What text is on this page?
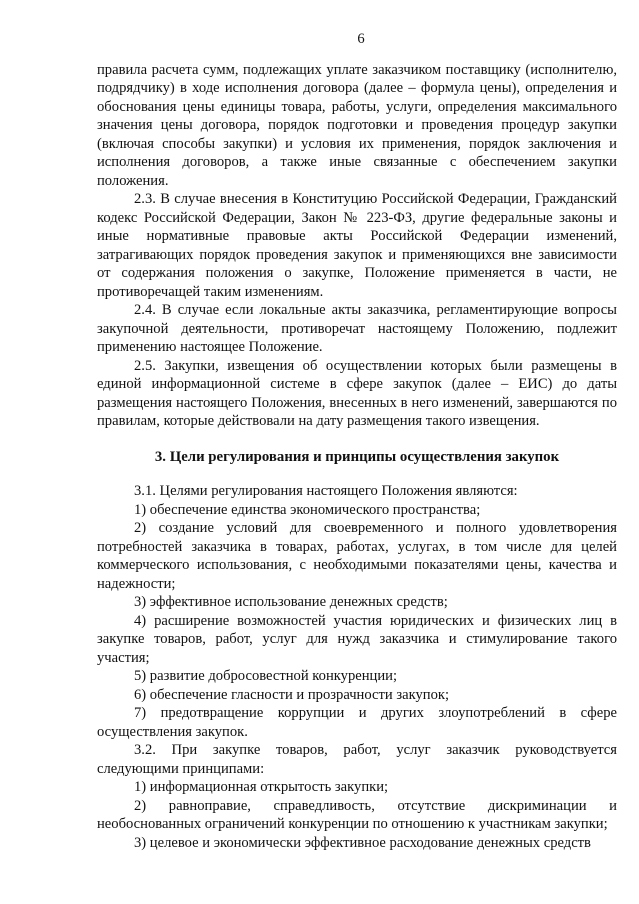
6

правила расчета сумм, подлежащих уплате заказчиком поставщику (исполнителю, подрядчику) в ходе исполнения договора (далее – формула цены), определения и обоснования цены единицы товара, работы, услуги, определения максимального значения цены договора, порядок подготовки и проведения процедур закупки (включая способы закупки) и условия их применения, порядок заключения и исполнения договоров, а также иные связанные с обеспечением закупки положения.

2.3. В случае внесения в Конституцию Российской Федерации, Гражданский кодекс Российской Федерации, Закон № 223-ФЗ, другие федеральные законы и иные нормативные правовые акты Российской Федерации изменений, затрагивающих порядок проведения закупок и применяющихся вне зависимости от содержания положения о закупке, Положение применяется в части, не противоречащей таким изменениям.

2.4. В случае если локальные акты заказчика, регламентирующие вопросы закупочной деятельности, противоречат настоящему Положению, подлежит применению настоящее Положение.

2.5. Закупки, извещения об осуществлении которых были размещены в единой информационной системе в сфере закупок (далее – ЕИС) до даты размещения настоящего Положения, внесенных в него изменений, завершаются по правилам, которые действовали на дату размещения такого извещения.

3. Цели регулирования и принципы осуществления закупок

3.1. Целями регулирования настоящего Положения являются:

1) обеспечение единства экономического пространства;

2) создание условий для своевременного и полного удовлетворения потребностей заказчика в товарах, работах, услугах, в том числе для целей коммерческого использования, с необходимыми показателями цены, качества и надежности;

3) эффективное использование денежных средств;

4) расширение возможностей участия юридических и физических лиц в закупке товаров, работ, услуг для нужд заказчика и стимулирование такого участия;

5) развитие добросовестной конкуренции;

6) обеспечение гласности и прозрачности закупок;

7) предотвращение коррупции и других злоупотреблений в сфере осуществления закупок.

3.2. При закупке товаров, работ, услуг заказчик руководствуется следующими принципами:

1) информационная открытость закупки;

2) равноправие, справедливость, отсутствие дискриминации и необоснованных ограничений конкуренции по отношению к участникам закупки;

3) целевое и экономически эффективное расходование денежных средств
